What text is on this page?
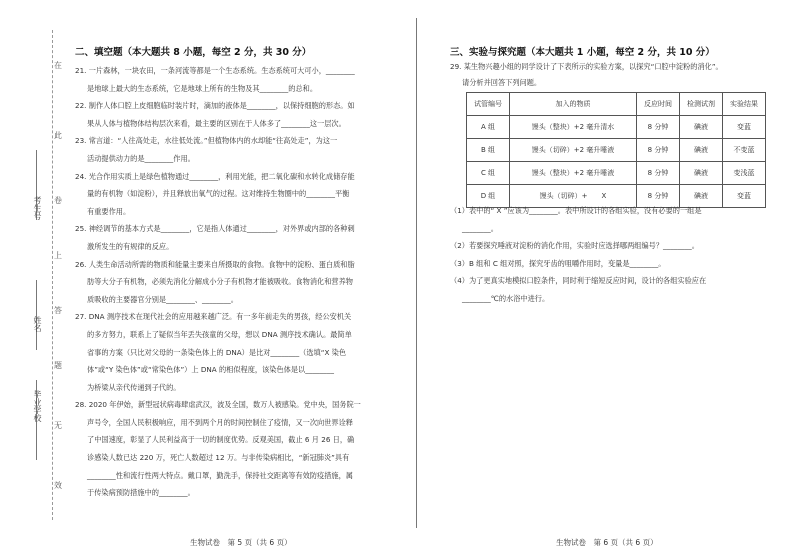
考生号
姓名
毕业学校
在
此
卷
上
答
题
无
效
二、填空题（本大题共 8 小题，每空 2 分，共 30 分）

21. 一片森林，一块农田，一条河流等都是一个生态系统。生态系统可大可小，________

是地球上最大的生态系统，它是地球上所有的生物及其________的总和。

22. 制作人体口腔上皮细胞临时装片时，滴加的液体是________，以保持细胞的形态。如

果从人体与植物体结构层次来看，最主要的区别在于人体多了________这一层次。

23. 常言道：“人往高处走，水往低处流。”但植物体内的水却能“往高处走”，为这一

活动提供动力的是________作用。

24. 光合作用实质上是绿色植物通过________，利用光能，把二氧化碳和水转化成储存能

量的有机物（如淀粉），并且释放出氧气的过程。这对维持生物圈中的________平衡

有重要作用。

25. 神经调节的基本方式是________，它是指人体通过________，对外界或内部的各种刺

激所发生的有规律的反应。

26. 人类生命活动所需的物质和能量主要来自所摄取的食物。食物中的淀粉、蛋白质和脂

肪等大分子有机物，必须先消化分解成小分子有机物才能被吸收。食物消化和营养物

质吸收的主要器官分别是________、________。

27. DNA 测序技术在现代社会的应用越来越广泛。有一多年前走失的男孩，经公安机关

的多方努力，联系上了疑似当年丢失孩童的父母，想以 DNA 测序技术确认。最简单

省事的方案（只比对父母的一条染色体上的 DNA）是比对________（选填“X 染色

体”或“Y 染色体”或“常染色体”）上 DNA 的相似程度，该染色体是以________

为桥梁从亲代传递到子代的。

28. 2020 年伊始，新型冠状病毒肆虐武汉，波及全国，数万人被感染。党中央，国务院一

声号令，全国人民积极响应，用不到两个月的时间控制住了疫情，又一次向世界诠释

了中国速度，彰显了人民利益高于一切的制度优势。反观美国，截止 6 月 26 日，确

诊感染人数已达 220 万，死亡人数超过 12 万。与非传染病相比，“新冠肺炎”具有

________性和流行性两大特点。戴口罩，勤洗手，保持社交距离等有效防疫措施，属

于传染病预防措施中的________。

生物试卷　第 5 页（共 6 页）
三、实验与探究题（本大题共 1 小题，每空 2 分，共 10 分）

29. 某生物兴趣小组的同学设计了下表所示的实验方案，以探究“口腔中淀粉的消化”。

请分析并回答下列问题。

试管编号	加入的物质	反应时间	检测试剂	实验结果
A 组	馒头（整块）+2 毫升清水	8 分钟	碘液	变蓝
B 组	馒头（切碎）+2 毫升唾液	8 分钟	碘液	不变蓝
C 组	馒头（整块）+2 毫升唾液	8 分钟	碘液	变浅蓝
D 组	馒头（切碎）+　　X	8 分钟	碘液	变蓝

（1）表中的“ X ”应该为________。表中所设计的各组实验，没有必要的一组是

________。

（2）若要探究唾液对淀粉的消化作用，实验时应选择哪两组编号？________。

（3）B 组和 C 组对照，探究牙齿的咀嚼作用时，变量是________。

（4）为了更真实地模拟口腔条件，同时利于缩短反应时间，设计的各组实验应在

________℃的水浴中进行。

生物试卷　第 6 页（共 6 页）
